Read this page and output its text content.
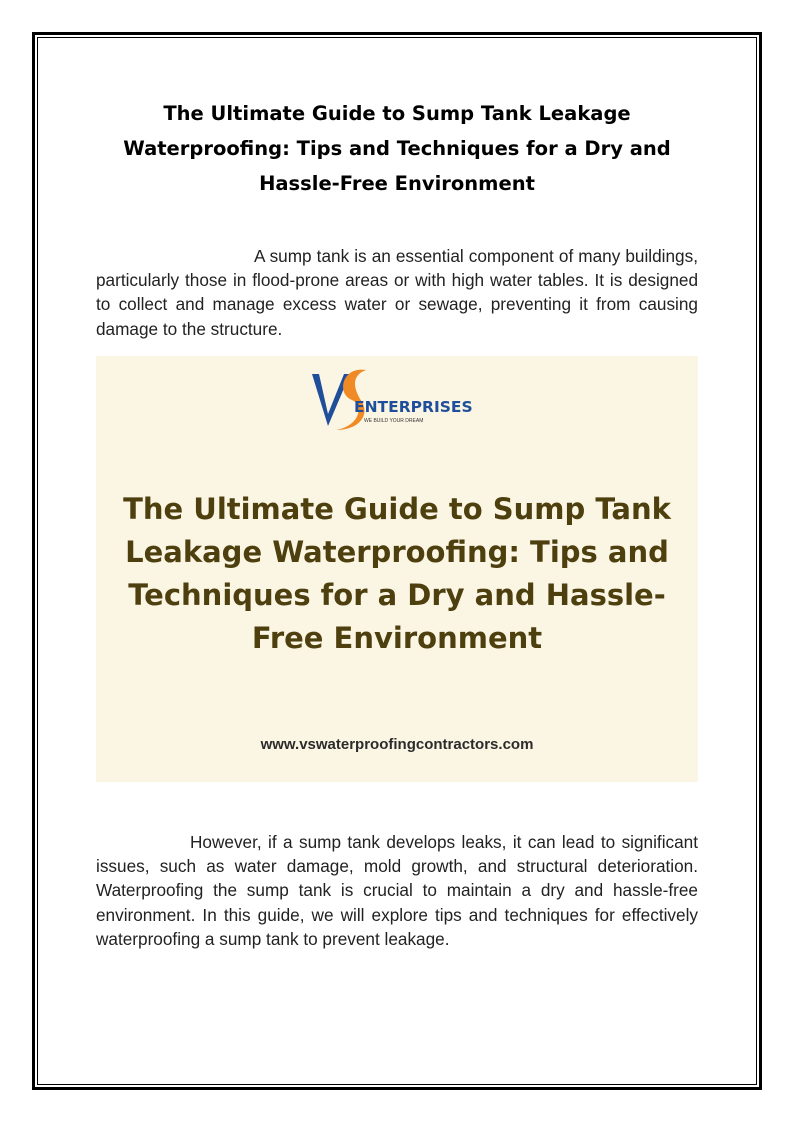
The Ultimate Guide to Sump Tank Leakage Waterproofing: Tips and Techniques for a Dry and Hassle-Free Environment

A sump tank is an essential component of many buildings, particularly those in flood-prone areas or with high water tables. It is designed to collect and manage excess water or sewage, preventing it from causing damage to the structure.

ENTERPRISES
WE BUILD YOUR DREAM
The Ultimate Guide to Sump Tank Leakage Waterproofing: Tips and Techniques for a Dry and Hassle-Free Environment
www.vswaterproofingcontractors.com

However, if a sump tank develops leaks, it can lead to significant issues, such as water damage, mold growth, and structural deterioration. Waterproofing the sump tank is crucial to maintain a dry and hassle-free environment. In this guide, we will explore tips and techniques for effectively waterproofing a sump tank to prevent leakage.
